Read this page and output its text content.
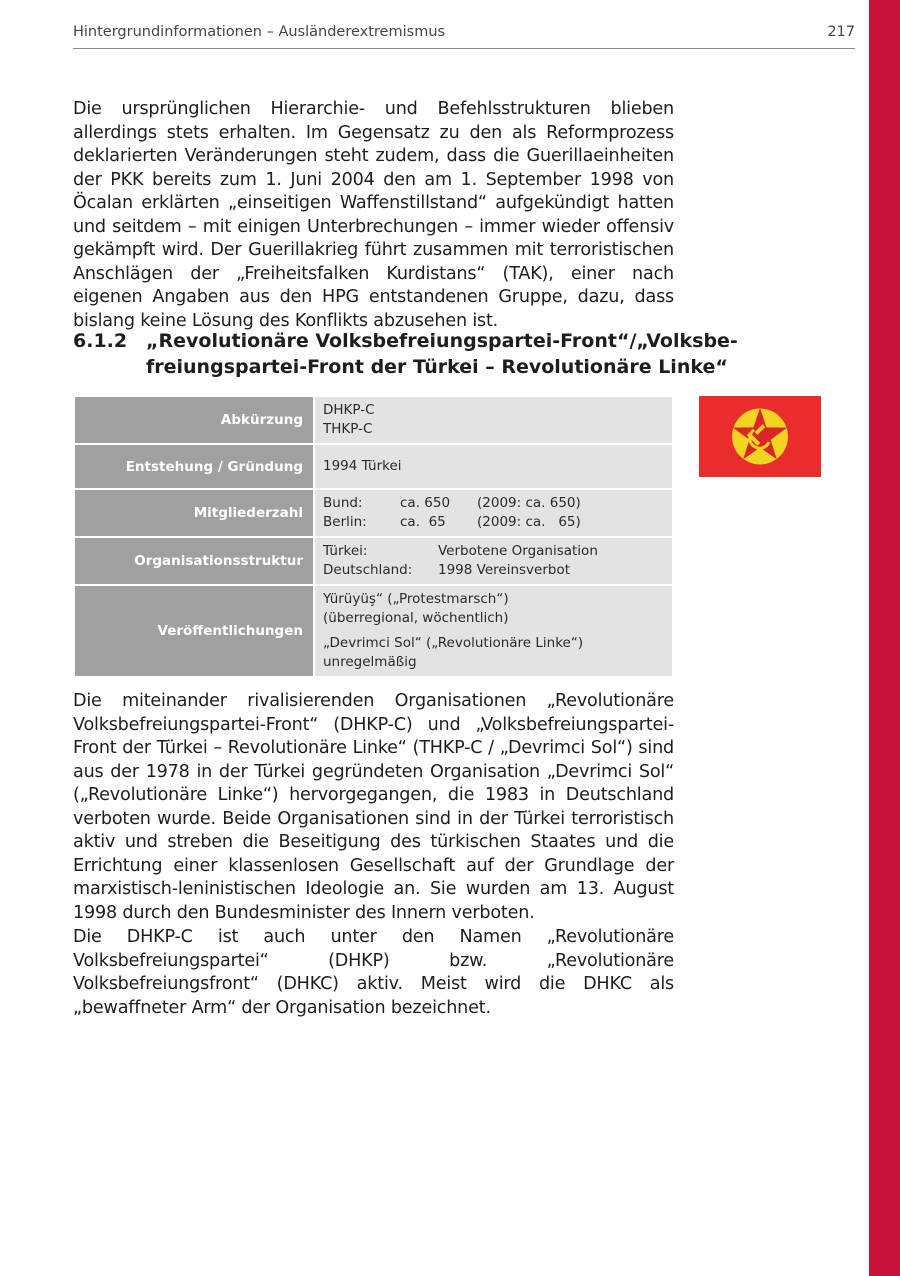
Hintergrundinformationen – Ausländerextremismus	217

Die ursprünglichen Hierarchie- und Befehlsstrukturen blieben allerdings stets erhalten. Im Gegensatz zu den als Reformprozess deklarierten Veränderungen steht zudem, dass die Guerillaeinheiten der PKK bereits zum 1. Juni 2004 den am 1. September 1998 von Öcalan erklärten „einseitigen Waffenstillstand“ aufgekündigt hatten und seitdem – mit einigen Unterbrechungen – immer wieder offensiv gekämpft wird. Der Guerillakrieg führt zusammen mit terroristischen Anschlägen der „Freiheitsfalken Kurdistans“ (TAK), einer nach eigenen Angaben aus den HPG entstandenen Gruppe, dazu, dass bislang keine Lösung des Konflikts abzusehen ist.

6.1.2 „Revolutionäre Volksbefreiungspartei-Front“/„Volksbe-
freiungspartei-Front der Türkei – Revolutionäre Linke“
Abkürzung	DHKP-C
THKP-C

Entstehung / Gründung	1994 Türkei
Mitgliederzahl	Bund: ca. 650 (2009: ca. 650)
Berlin: ca.  65 (2009: ca.   65)

Organisationsstruktur	Türkei: Verbotene Organisation
Deutschland: 1998 Vereinsverbot

Veröffentlichungen	Yürüyüş“ („Protestmarsch“)
(überregional, wöchentlich)
„Devrimci Sol“ („Revolutionäre Linke“)
unregelmäßig

Die miteinander rivalisierenden Organisationen „Revolutionäre Volksbefreiungspartei-Front“ (DHKP-C) und „Volksbefreiungspartei-Front der Türkei – Revolutionäre Linke“ (THKP-C / „Devrimci Sol“) sind aus der 1978 in der Türkei gegründeten Organisation „Devrimci Sol“ („Revolutionäre Linke“) hervorgegangen, die 1983 in Deutschland verboten wurde. Beide Organisationen sind in der Türkei terroristisch aktiv und streben die Beseitigung des türkischen Staates und die Errichtung einer klassenlosen Gesellschaft auf der Grundlage der marxistisch-leninistischen Ideologie an. Sie wurden am 13. August 1998 durch den Bundesminister des Innern verboten.

Die DHKP-C ist auch unter den Namen „Revolutionäre Volksbefreiungspartei“ (DHKP) bzw. „Revolutionäre Volksbefreiungsfront“ (DHKC) aktiv. Meist wird die DHKC als „bewaffneter Arm“ der Organisation bezeichnet.
